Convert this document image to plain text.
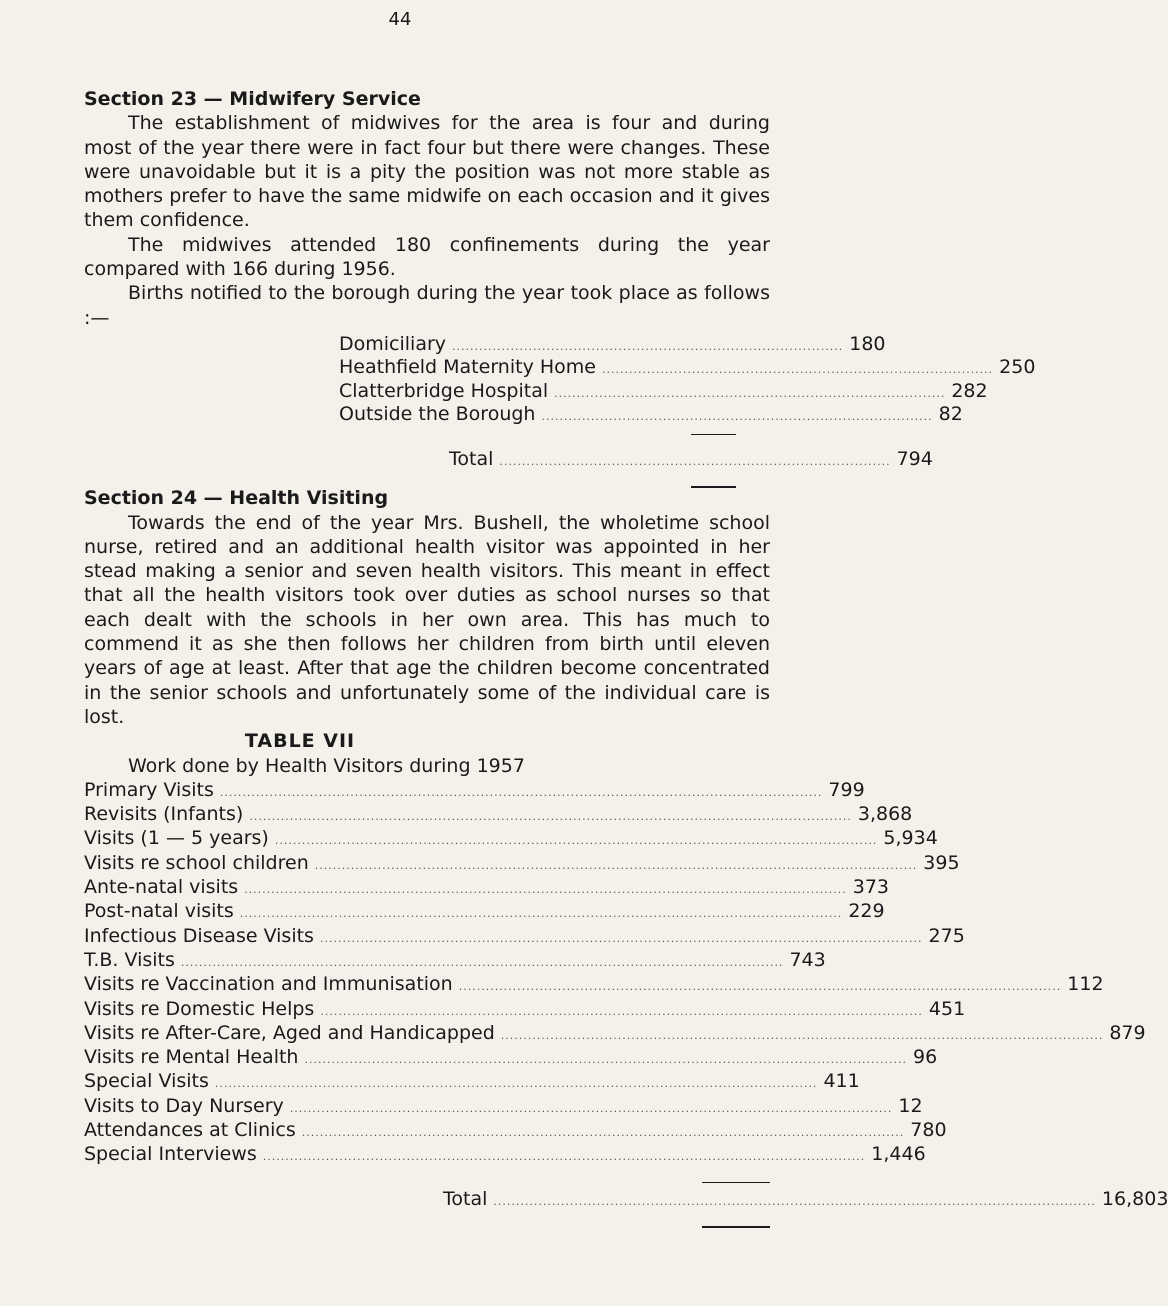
44

Section 23 — Midwifery Service

The establishment of midwives for the area is four and during most of the year there were in fact four but there were changes. These were unavoidable but it is a pity the position was not more stable as mothers prefer to have the same midwife on each occasion and it gives them confidence.

The midwives attended 180 confinements during the year compared with 166 during 1956.

Births notified to the borough during the year took place as follows :—

Domiciliary ....................................................................................... 180
Heathfield Maternity Home ....................................................................................... 250
Clatterbridge Hospital ....................................................................................... 282
Outside the Borough ....................................................................................... 82
Total ....................................................................................... 794

Section 24 — Health Visiting

Towards the end of the year Mrs. Bushell, the wholetime school nurse, retired and an additional health visitor was appointed in her stead making a senior and seven health visitors. This meant in effect that all the health visitors took over duties as school nurses so that each dealt with the schools in her own area. This has much to commend it as she then follows her children from birth until eleven years of age at least. After that age the children become concentrated in the senior schools and unfortunately some of the individual care is lost.

TABLE VII
Work done by Health Visitors during 1957
Primary Visits ...................................................................................................................................... 799
Revisits (Infants) ...................................................................................................................................... 3,868
Visits (1 — 5 years) ...................................................................................................................................... 5,934
Visits re school children ...................................................................................................................................... 395
Ante-natal visits ...................................................................................................................................... 373
Post-natal visits ...................................................................................................................................... 229
Infectious Disease Visits ...................................................................................................................................... 275
T.B. Visits ...................................................................................................................................... 743
Visits re Vaccination and Immunisation ...................................................................................................................................... 112
Visits re Domestic Helps ...................................................................................................................................... 451
Visits re After-Care, Aged and Handicapped ...................................................................................................................................... 879
Visits re Mental Health ...................................................................................................................................... 96
Special Visits ...................................................................................................................................... 411
Visits to Day Nursery ...................................................................................................................................... 12
Attendances at Clinics ...................................................................................................................................... 780
Special Interviews ...................................................................................................................................... 1,446
Total ...................................................................................................................................... 16,803
